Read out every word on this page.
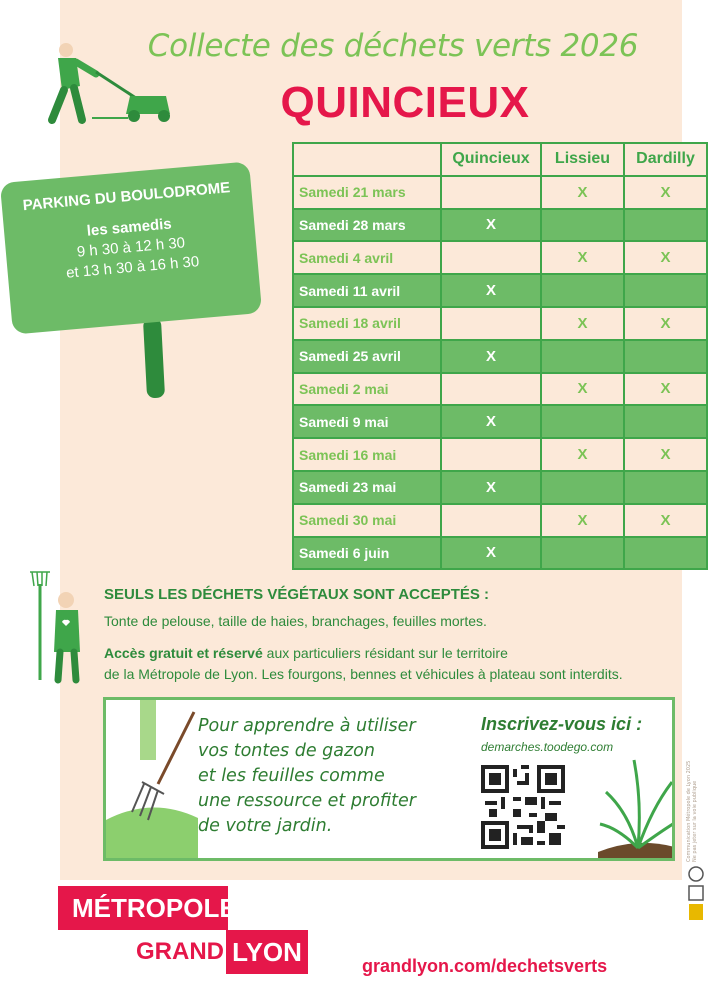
Collecte des déchets verts 2026
QUINCIEUX
PARKING DU BOULODROME
les samedis
9 h 30 à 12 h 30
et 13 h 30 à 16 h 30
	Quincieux	Lissieu	Dardilly
Samedi 21 mars		X	X
Samedi 28 mars	X		
Samedi 4 avril		X	X
Samedi 11 avril	X		
Samedi 18 avril		X	X
Samedi 25 avril	X		
Samedi 2 mai		X	X
Samedi 9 mai	X		
Samedi 16 mai		X	X
Samedi 23 mai	X		
Samedi 30 mai		X	X
Samedi 6 juin	X		
SEULS LES DÉCHETS VÉGÉTAUX SONT ACCEPTÉS :
Tonte de pelouse, taille de haies, branchages, feuilles mortes.
Accès gratuit et réservé aux particuliers résidant sur le territoire
de la Métropole de Lyon. Les fourgons, bennes et véhicules à plateau sont interdits.
Pour apprendre à utiliser
vos tontes de gazon
et les feuilles comme
une ressource et profiter
de votre jardin.
Inscrivez-vous ici :
demarches.toodego.com
Communication Métropole de Lyon 2025 Ne pas jeter sur la voie publique
MÉTROPOLE
GRAND LYON	grandlyon.com/dechetsverts
